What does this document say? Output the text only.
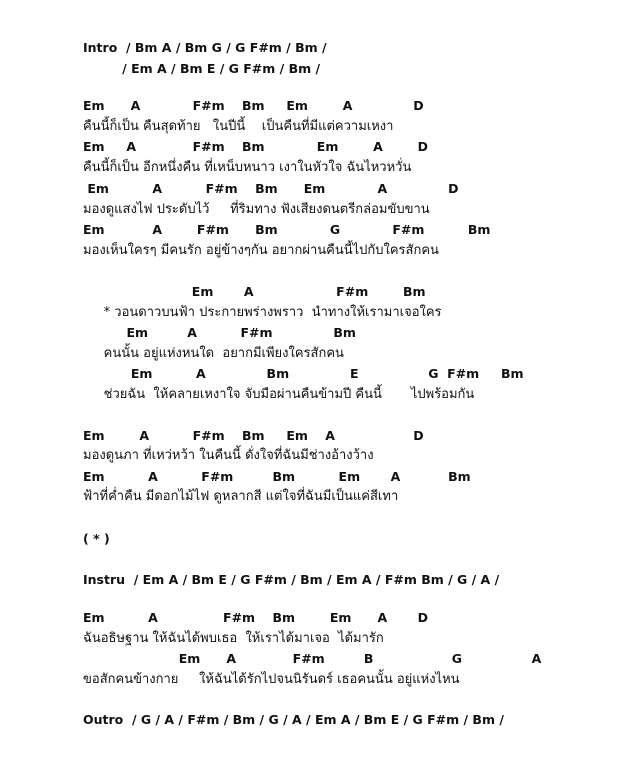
Intro  / Bm A / Bm G / G F#m / Bm /
/ Em A / Bm E / G F#m / Bm /
Em      A            F#m    Bm     Em        A              D
คืนนี้ก็เป็น คืนสุดท้าย   ในปีนี้    เป็นคืนที่มีแต่ความเหงา
Em     A             F#m    Bm            Em        A        D
คืนนี้ก็เป็น อีกหนึ่งคืน ที่เหน็บหนาว เงาในหัวใจ ฉันไหวหวั่น
Em          A          F#m    Bm      Em            A              D
มองดูแสงไฟ ประดับไว้     ที่ริมทาง ฟังเสียงดนตรีกล่อมขับขาน
Em           A        F#m      Bm            G            F#m          Bm
มองเห็นใครๆ มีคนรัก อยู่ข้างๆกัน อยากผ่านคืนนี้ไปกับใครสักคน
Em       A                   F#m        Bm
* วอนดาวบนฟ้า ประกายพร่างพราว  นำทางให้เรามาเจอใคร
Em         A          F#m              Bm
คนนั้น อยู่แห่งหนใด  อยากมีเพียงใครสักคน
Em          A              Bm              E                G  F#m     Bm
ช่วยฉัน  ให้คลายเหงาใจ จับมือผ่านคืนข้ามปี คืนนี้       ไปพร้อมกัน
Em        A          F#m    Bm     Em    A                  D
มองดูนภา ที่เหว่หว้า ในคืนนี้ ดั่งใจที่ฉันมีช่างอ้างว้าง
Em          A          F#m         Bm          Em       A           Bm
ฟ้าที่ค่ำคืน มีดอกไม้ไฟ ดูหลากสี แต่ใจที่ฉันมีเป็นแค่สีเทา
( * )
Instru  / Em A / Bm E / G F#m / Bm / Em A / F#m Bm / G / A /
Em          A               F#m    Bm        Em      A       D
ฉันอธิษฐาน ให้ฉันได้พบเธอ  ให้เราได้มาเจอ  ได้มารัก
Em      A             F#m         B                  G                A
ขอสักคนข้างกาย     ให้ฉันได้รักไปจนนิรันดร์ เธอคนนั้น อยู่แห่งไหน
Outro  / G / A / F#m / Bm / G / A / Em A / Bm E / G F#m / Bm /
